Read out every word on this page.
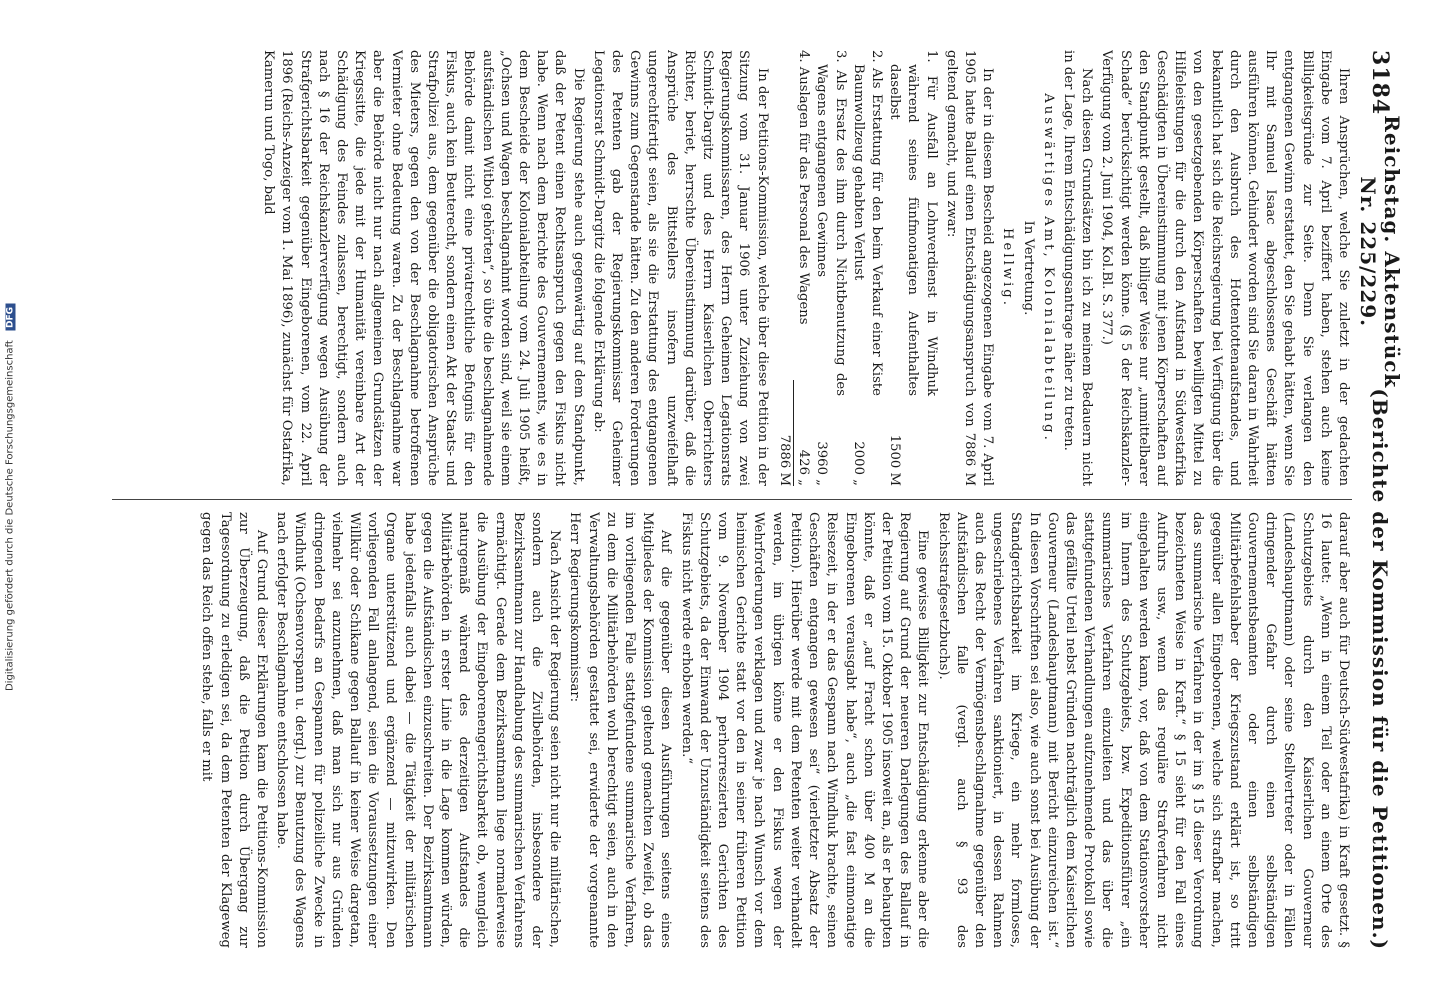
Digitalisierung gefördert durch die Deutsche Forschungsgemeinschaft DFG
3184
Reichstag. Aktenstück Nr. 225/229.
(Berichte der Kommission für die Petitionen.)

Ihren Ansprüchen, welche Sie zuletzt in der gedachten Eingabe vom 7. April beziffert haben, stehen auch keine Billigkeitsgründe zur Seite. Denn Sie verlangen den entgangenen Gewinn erstattet, den Sie gehabt hätten, wenn Sie Ihr mit Samuel Isaac abgeschlossenes Geschäft hätten ausführen können. Gehindert worden sind Sie daran in Wahrheit durch den Ausbruch des Hottentottenaufstandes, und bekanntlich hat sich die Reichsregierung bei Verfügung über die von den gesetzgebenden Körperschaften bewilligten Mittel zu Hilfeleistungen für die durch den Aufstand in Südwestafrika Geschädigten in Übereinstimmung mit jenen Körperschaften auf den Standpunkt gestellt, daß billiger Weise nur „unmittelbarer Schade“ berücksichtigt werden könne. (§ 5 der Reichskanzler-Verfügung vom 2. Juni 1904, Kol.Bl. S. 377.)

Nach diesen Grundsätzen bin ich zu meinem Bedauern nicht in der Lage, Ihrem Entschädigungsantrage näher zu treten.

Auswärtiges Amt, Kolonialabteilung.

In Vertretung.

Hellwig.

In der in diesem Bescheid angezogenen Eingabe vom 7. April 1905 hatte Ballauf einen Entschädigungsanspruch von 7886 M geltend gemacht, und zwar:

1. Für Ausfall an Lohnverdienst in Windhuk während seines fünfmonatigen Aufenthaltes daselbst
1500 M
2. Als Erstattung für den beim Verkauf einer Kiste Baumwollzeug gehabten Verlust
2000 „
3. Als Ersatz des ihm durch Nichtbenutzung des Wagens entgangenen Gewinnes
3960 „
4. Auslagen für das Personal des Wagens
426 „
7886 M

In der Petitions-Kommission, welche über diese Petition in der Sitzung vom 31. Januar 1906 unter Zuziehung von zwei Regierungskommissaren, des Herrn Geheimen Legationsrats Schmidt-Dargitz und des Herrn Kaiserlichen Oberrichters Richter, beriet, herrschte Übereinstimmung darüber, daß die Ansprüche des Bittstellers insofern unzweifelhaft ungerechtfertigt seien, als sie die Erstattung des entgangenen Gewinns zum Gegenstande hätten. Zu den anderen Forderungen des Petenten gab der Regierungskommissar Geheimer Legationsrat Schmidt-Dargitz die folgende Erklärung ab:

Die Regierung stehe auch gegenwärtig auf dem Standpunkt, daß der Petent einen Rechtsanspruch gegen den Fiskus nicht habe. Wenn nach dem Berichte des Gouvernements, wie es in dem Bescheide der Kolonialabteilung vom 24. Juli 1905 heißt, „Ochsen und Wagen beschlagnahmt worden sind, weil sie einem aufständischen Witboi gehörten“, so übte die beschlagnahmende Behörde damit nicht eine privatrechtliche Befugnis für den Fiskus, auch kein Beuterecht, sondern einen Akt der Staats- und Strafpolizei aus, dem gegenüber die obligatorischen Ansprüche des Mieters, gegen den von der Beschlagnahme betroffenen Vermieter ohne Bedeutung waren. Zu der Beschlagnahme war aber die Behörde nicht nur nach allgemeinen Grundsätzen der Kriegssitte, die jede mit der Humanität vereinbare Art der Schädigung des Feindes zulassen, berechtigt, sondern auch nach § 16 der Reichskanzlerverfügung wegen Ausübung der Strafgerichtsbarkeit gegenüber Eingeborenen, vom 22. April 1896 (Reichs-Anzeiger vom 1. Mai 1896), zunächst für Ostafrika, Kamerun und Togo, bald

darauf aber auch für Deutsch-Südwestafrika) in Kraft gesetzt. § 16 lautet: „Wenn in einem Teil oder an einem Orte des Schutzgebiets durch den Kaiserlichen Gouverneur (Landeshauptmann) oder seine Stellvertreter oder in Fällen dringender Gefahr durch einen selbständigen Gouvernementsbeamten oder einen selbständigen Militärbefehlshaber der Kriegszustand erklärt ist, so tritt gegenüber allen Eingeborenen, welche sich strafbar machen, das summarische Verfahren in der im § 15 dieser Verordnung bezeichneten Weise in Kraft.“ § 15 sieht für den Fall eines Aufruhrs usw., wenn das reguläre Strafverfahren nicht eingehalten werden kann, vor, daß von dem Stationsvorsteher im Innern des Schutzgebiets, bzw. Expeditionsführer „ein summarisches Verfahren einzuleiten und das über die stattgefundenen Verhandlungen aufzunehmende Protokoll sowie das gefällte Urteil nebst Gründen nachträglich dem Kaiserlichen Gouverneur (Landeshauptmann) mit Bericht einzureichen ist.“ In diesen Vorschriften sei also, wie auch sonst bei Ausübung der Standgerichtsbarkeit im Kriege, ein mehr formloses, ungeschriebenes Verfahren sanktioniert, in dessen Rahmen auch das Recht der Vermögensbeschlagnahme gegenüber den Aufständischen falle (vergl. auch § 93 des Reichsstrafgesetzbuchs).

Eine gewisse Billigkeit zur Entschädigung erkenne aber die Regierung auf Grund der neueren Darlegungen des Ballauf in der Petition vom 15. Oktober 1905 insoweit an, als er behaupten könnte, daß er „auf Fracht schon über 400 M an die Eingeborenen verausgabt habe“, auch „die fast einmonatige Reisezeit, in der er das Gespann nach Windhuk brachte, seinen Geschäften entgangen gewesen sei“ (vierletzter Absatz der Petition). Hierüber werde mit dem Petenten weiter verhandelt werden, im übrigen könne er den Fiskus wegen der Wehrforderungen verklagen und zwar je nach Wunsch vor dem heimischen Gerichte statt vor den in seiner früheren Petition vom 9. November 1904 perhorreszierten Gerichten des Schutzgebiets, da der Einwand der Unzuständigkeit seitens des Fiskus nicht werde erhoben werden.“

Auf die gegenüber diesen Ausführungen seitens eines Mitgliedes der Kommission geltend gemachten Zweifel, ob das im vorliegenden Falle stattgefundene summarische Verfahren, zu dem die Militärbehörden wohl berechtigt seien, auch in den Verwaltungsbehörden gestattet sei, erwiderte der vorgenannte Herr Regierungskommissar:

Nach Ansicht der Regierung seien nicht nur die militärischen, sondern auch die Zivilbehörden, insbesondere der Bezirksamtmann zur Handhabung des summarischen Verfahrens ermächtigt. Gerade dem Bezirksamtmann liege normalerweise die Ausübung der Eingeborenengerichtsbarkeit ob, wenngleich naturgemäß während des derzeitigen Aufstandes die Militärbehörden in erster Linie in die Lage kommen würden, gegen die Aufständischen einzuschreiten. Der Bezirksamtmann habe jedenfalls auch dabei — die Tätigkeit der militärischen Organe unterstützend und ergänzend — mitzuwirken. Den vorliegenden Fall anlangend, seien die Voraussetzungen einer Willkür oder Schikane gegen Ballauf in keiner Weise dargetan, vielmehr sei anzunehmen, daß man sich nur aus Gründen dringenden Bedarfs an Gespannen für polizeiliche Zwecke in Windhuk (Ochsenvorspann u. dergl.) zur Benutzung des Wagens nach erfolgter Beschlagnahme entschlossen habe.

Auf Grund dieser Erklärungen kam die Petitions-Kommission zur Überzeugung, daß die Petition durch Übergang zur Tagesordnung zu erledigen sei, da dem Petenten der Klageweg gegen das Reich offen stehe, falls er mit
